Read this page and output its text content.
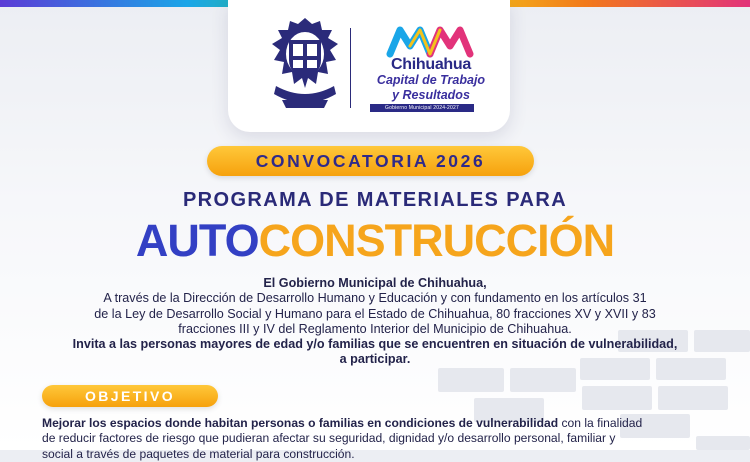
Chihuahua
Capital de Trabajo
y Resultados
Gobierno Municipal 2024-2027
CONVOCATORIA 2026
PROGRAMA DE MATERIALES PARA
AUTOCONSTRUCCIÓN
El Gobierno Municipal de Chihuahua,
A través de la Dirección de Desarrollo Humano y Educación y con fundamento en los artículos 31
de la Ley de Desarrollo Social y Humano para el Estado de Chihuahua, 80 fracciones XV y XVII y 83
fracciones III y IV del Reglamento Interior del Municipio de Chihuahua.
Invita a las personas mayores de edad y/o familias que se encuentren en situación de vulnerabilidad,
a participar.
OBJETIVO
Mejorar los espacios donde habitan personas o familias en condiciones de vulnerabilidad con la finalidad
de reducir factores de riesgo que pudieran afectar su seguridad, dignidad y/o desarrollo personal, familiar y
social a través de paquetes de material para construcción.
